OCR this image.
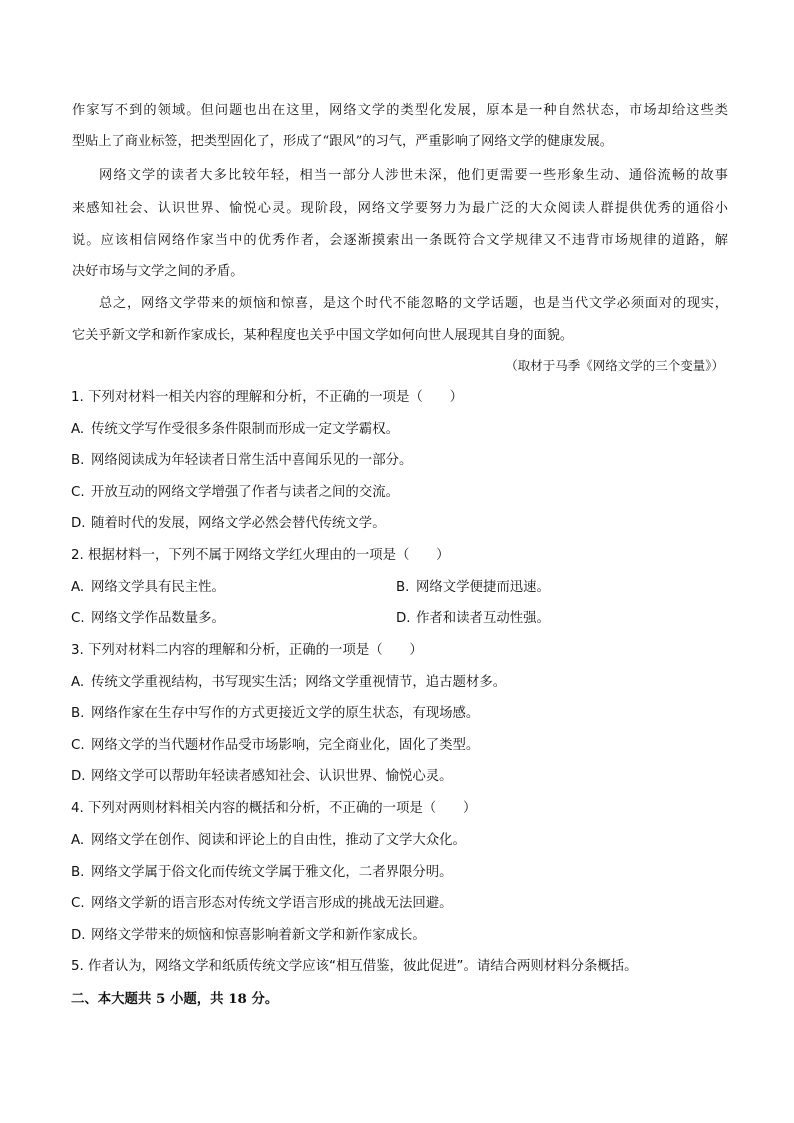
作家写不到的领域。但问题也出在这里，网络文学的类型化发展，原本是一种自然状态，市场却给这些类
型贴上了商业标签，把类型固化了，形成了“跟风”的习气，严重影响了网络文学的健康发展。
网络文学的读者大多比较年轻，相当一部分人涉世未深，他们更需要一些形象生动、通俗流畅的故事
来感知社会、认识世界、愉悦心灵。现阶段，网络文学要努力为最广泛的大众阅读人群提供优秀的通俗小
说。应该相信网络作家当中的优秀作者，会逐渐摸索出一条既符合文学规律又不违背市场规律的道路，解
决好市场与文学之间的矛盾。
总之，网络文学带来的烦恼和惊喜，是这个时代不能忽略的文学话题，也是当代文学必须面对的现实，
它关乎新文学和新作家成长，某种程度也关乎中国文学如何向世人展现其自身的面貌。
（取材于马季《网络文学的三个变量》）
1. 下列对材料一相关内容的理解和分析，不正确的一项是（　　）
A. 传统文学写作受很多条件限制而形成一定文学霸权。
B. 网络阅读成为年轻读者日常生活中喜闻乐见的一部分。
C. 开放互动的网络文学增强了作者与读者之间的交流。
D. 随着时代的发展，网络文学必然会替代传统文学。
2. 根据材料一，下列不属于网络文学红火理由的一项是（　　）
A. 网络文学具有民主性。	B. 网络文学便捷而迅速。
C. 网络文学作品数量多。	D. 作者和读者互动性强。
3. 下列对材料二内容的理解和分析，正确的一项是（　　）
A. 传统文学重视结构，书写现实生活；网络文学重视情节，追古题材多。
B. 网络作家在生存中写作的方式更接近文学的原生状态，有现场感。
C. 网络文学的当代题材作品受市场影响，完全商业化，固化了类型。
D. 网络文学可以帮助年轻读者感知社会、认识世界、愉悦心灵。
4. 下列对两则材料相关内容的概括和分析，不正确的一项是（　　）
A. 网络文学在创作、阅读和评论上的自由性，推动了文学大众化。
B. 网络文学属于俗文化而传统文学属于雅文化，二者界限分明。
C. 网络文学新的语言形态对传统文学语言形成的挑战无法回避。
D. 网络文学带来的烦恼和惊喜影响着新文学和新作家成长。
5. 作者认为，网络文学和纸质传统文学应该“相互借鉴，彼此促进”。请结合两则材料分条概括。
二、本大题共 5 小题，共 18 分。
